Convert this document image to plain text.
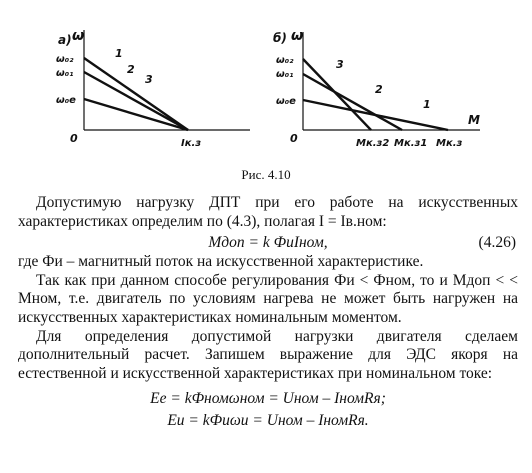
а) ω
0
ω₀₂
ω₀₁
ω₀е
1
2
3
Iк.з
б) ω
M
0
ω₀₂
ω₀₁
ω₀е
3
2
1
Mк.з2 Mк.з1 Mк.з
Рис. 4.10

Допустимую нагрузку ДПТ при его работе на искусственных характеристиках определим по (4.3), полагая I = Iв.ном:

Mдоп = k ФиIном,	(4.26)

где Фи – магнитный поток на искусственной характеристике.

Так как при данном способе регулирования Фи < Фном, то и Mдоп < < Mном, т.е. двигатель по условиям нагрева не может быть нагружен на искусственных характеристиках номинальным моментом.

Для определения допустимой нагрузки двигателя сделаем дополнительный расчет. Запишем выражение для ЭДС якоря на естественной и искусственной характеристиках при номинальном токе:

Eе = kФномωном = Uном – IномRя;
Eи = kФиωи = Uном – IномRя.
